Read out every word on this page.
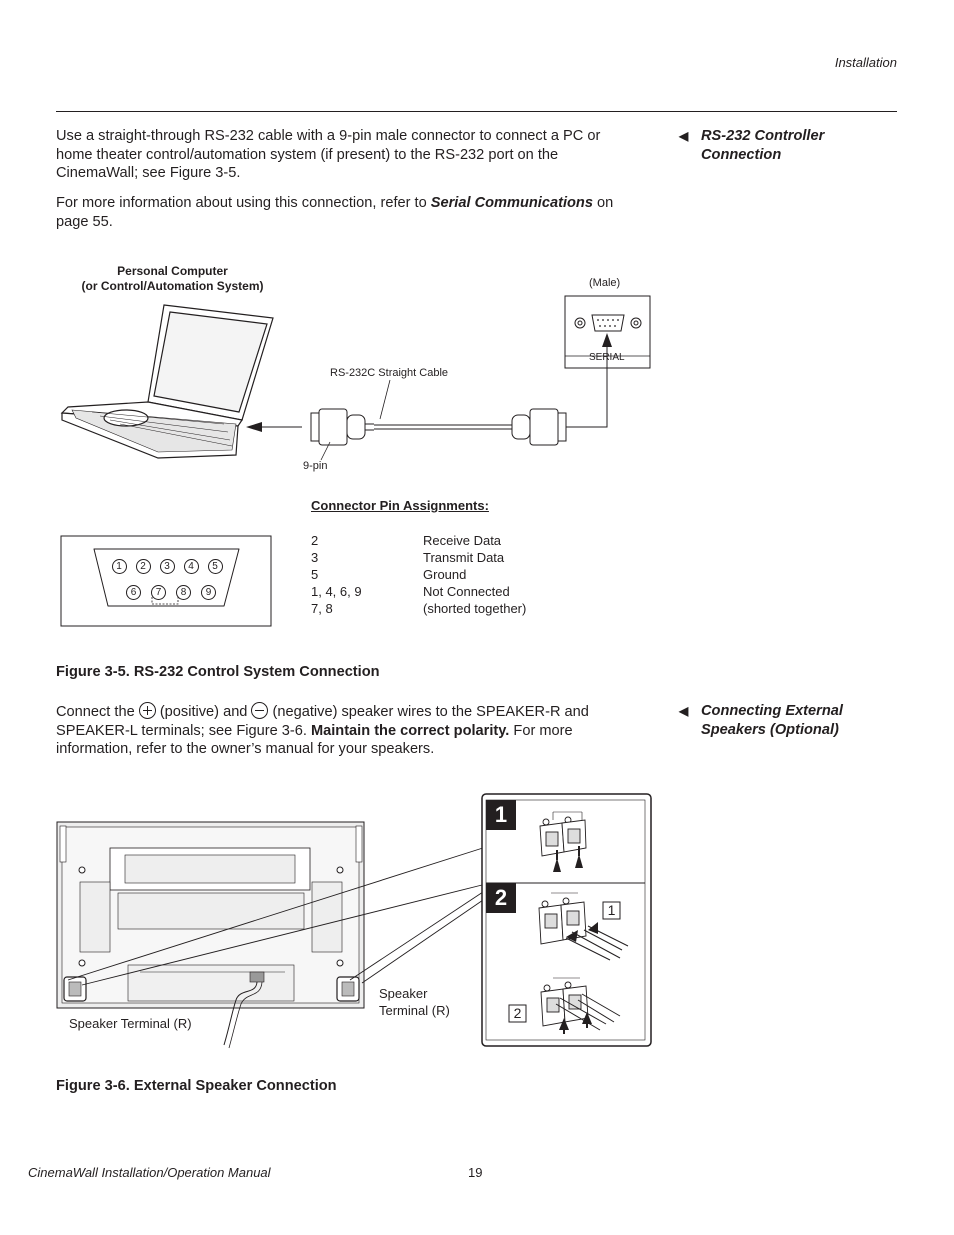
Installation
◀ RS-232 Controller
Connection
Use a straight-through RS-232 cable with a 9-pin male connector to connect a PC or
home theater control/automation system (if present) to the RS-232 port on the
CinemaWall; see Figure 3-5.
For more information about using this connection, refer to Serial Communications on
page 55.
Personal Computer
(or Control/Automation System)	(Male)
RS-232C Straight Cable
9-pin
1 2 3 4 5
6 7 8 9
SERIAL
Connector Pin Assignments:
2	Receive Data
3	Transmit Data
5	Ground
1, 4, 6, 9	Not Connected
7, 8	(shorted together)
Figure 3-5. RS-232 Control System Connection
◀ Connecting External
Speakers (Optional)
Connect the
(positive) and
(negative) speaker wires to the SPEAKER-R and
SPEAKER-L terminals; see Figure 3-6. Maintain the correct polarity. For more
information, refer to the owner’s manual for your speakers.
1
2	1
2
Speaker Terminal (R)
Speaker
Terminal (R)
Figure 3-6. External Speaker Connection
CinemaWall Installation/Operation Manual	19
